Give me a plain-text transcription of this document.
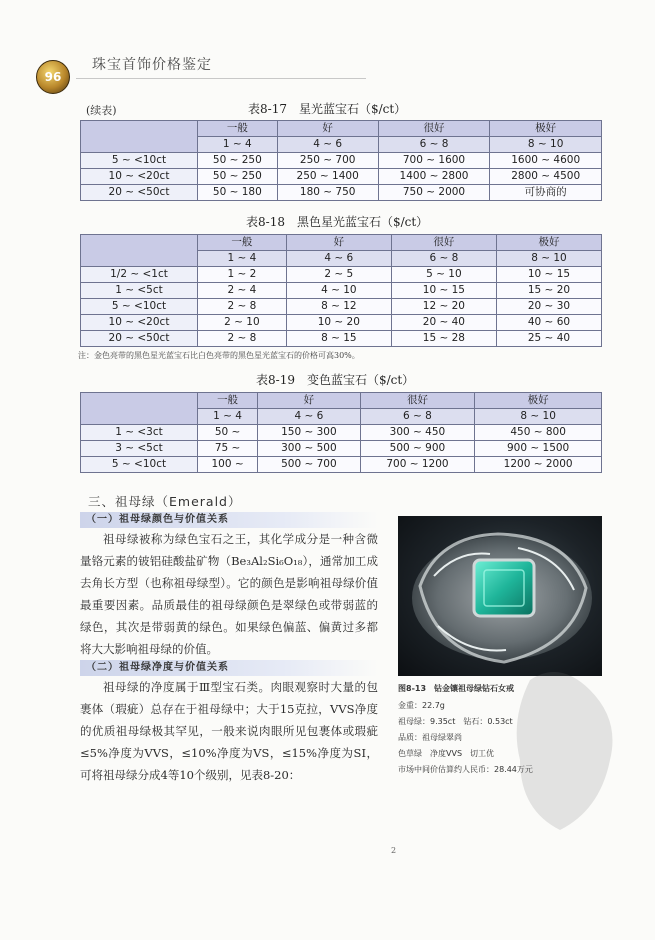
96
珠宝首饰价格鉴定
(续表)	表8-17　星光蓝宝石（$/ct）
	一般	好	很好	极好
	1 ~ 4	4 ~ 6	6 ~ 8	8 ~ 10
5 ~ <10ct	50 ~ 250	250 ~ 700	700 ~ 1600	1600 ~ 4600
10 ~ <20ct	50 ~ 250	250 ~ 1400	1400 ~ 2800	2800 ~ 4500
20 ~ <50ct	50 ~ 180	180 ~ 750	750 ~ 2000	可协商的
表8-18　黑色星光蓝宝石（$/ct）
	一般	好	很好	极好
	1 ~ 4	4 ~ 6	6 ~ 8	8 ~ 10
1/2 ~ <1ct	1 ~ 2	2 ~ 5	5 ~ 10	10 ~ 15
1 ~ <5ct	2 ~ 4	4 ~ 10	10 ~ 15	15 ~ 20
5 ~ <10ct	2 ~ 8	8 ~ 12	12 ~ 20	20 ~ 30
10 ~ <20ct	2 ~ 10	10 ~ 20	20 ~ 40	40 ~ 60
20 ~ <50ct	2 ~ 8	8 ~ 15	15 ~ 28	25 ~ 40
注：金色亮带的黑色星光蓝宝石比白色亮带的黑色星光蓝宝石的价格可高30%。
表8-19　变色蓝宝石（$/ct）
	一般	好	很好	极好
	1 ~ 4	4 ~ 6	6 ~ 8	8 ~ 10
1 ~ <3ct	50 ~	150 ~ 300	300 ~ 450	450 ~ 800
3 ~ <5ct	75 ~	300 ~ 500	500 ~ 900	900 ~ 1500
5 ~ <10ct	100 ~	500 ~ 700	700 ~ 1200	1200 ~ 2000
三、祖母绿（Emerald）
（一）祖母绿颜色与价值关系
祖母绿被称为绿色宝石之王，其化学成分是一种含微量铬元素的铍铝硅酸盐矿物（Be₃Al₂Si₆O₁₈），通常加工成去角长方型（也称祖母绿型）。它的颜色是影响祖母绿价值最重要因素。品质最佳的祖母绿颜色是翠绿色或带弱蓝的绿色，其次是带弱黄的绿色。如果绿色偏蓝、偏黄过多都将大大影响祖母绿的价值。
（二）祖母绿净度与价值关系
祖母绿的净度属于Ⅲ型宝石类。肉眼观察时大量的包裹体（瑕疵）总存在于祖母绿中；大于15克拉，VVS净度的优质祖母绿极其罕见，一般来说肉眼所见包裹体或瑕疵≤5%净度为VVS，≤10%净度为VS，≤15%净度为SI，可将祖母绿分成4等10个级别，见表8-20：
图8-13　钻金镶祖母绿钻石女戒
金重：22.7g
祖母绿：9.35ct　钻石：0.53ct
品质：祖母绿翠尚
色草绿　净度VVS　切工优
市场中间价估算约人民币：28.44万元
2
